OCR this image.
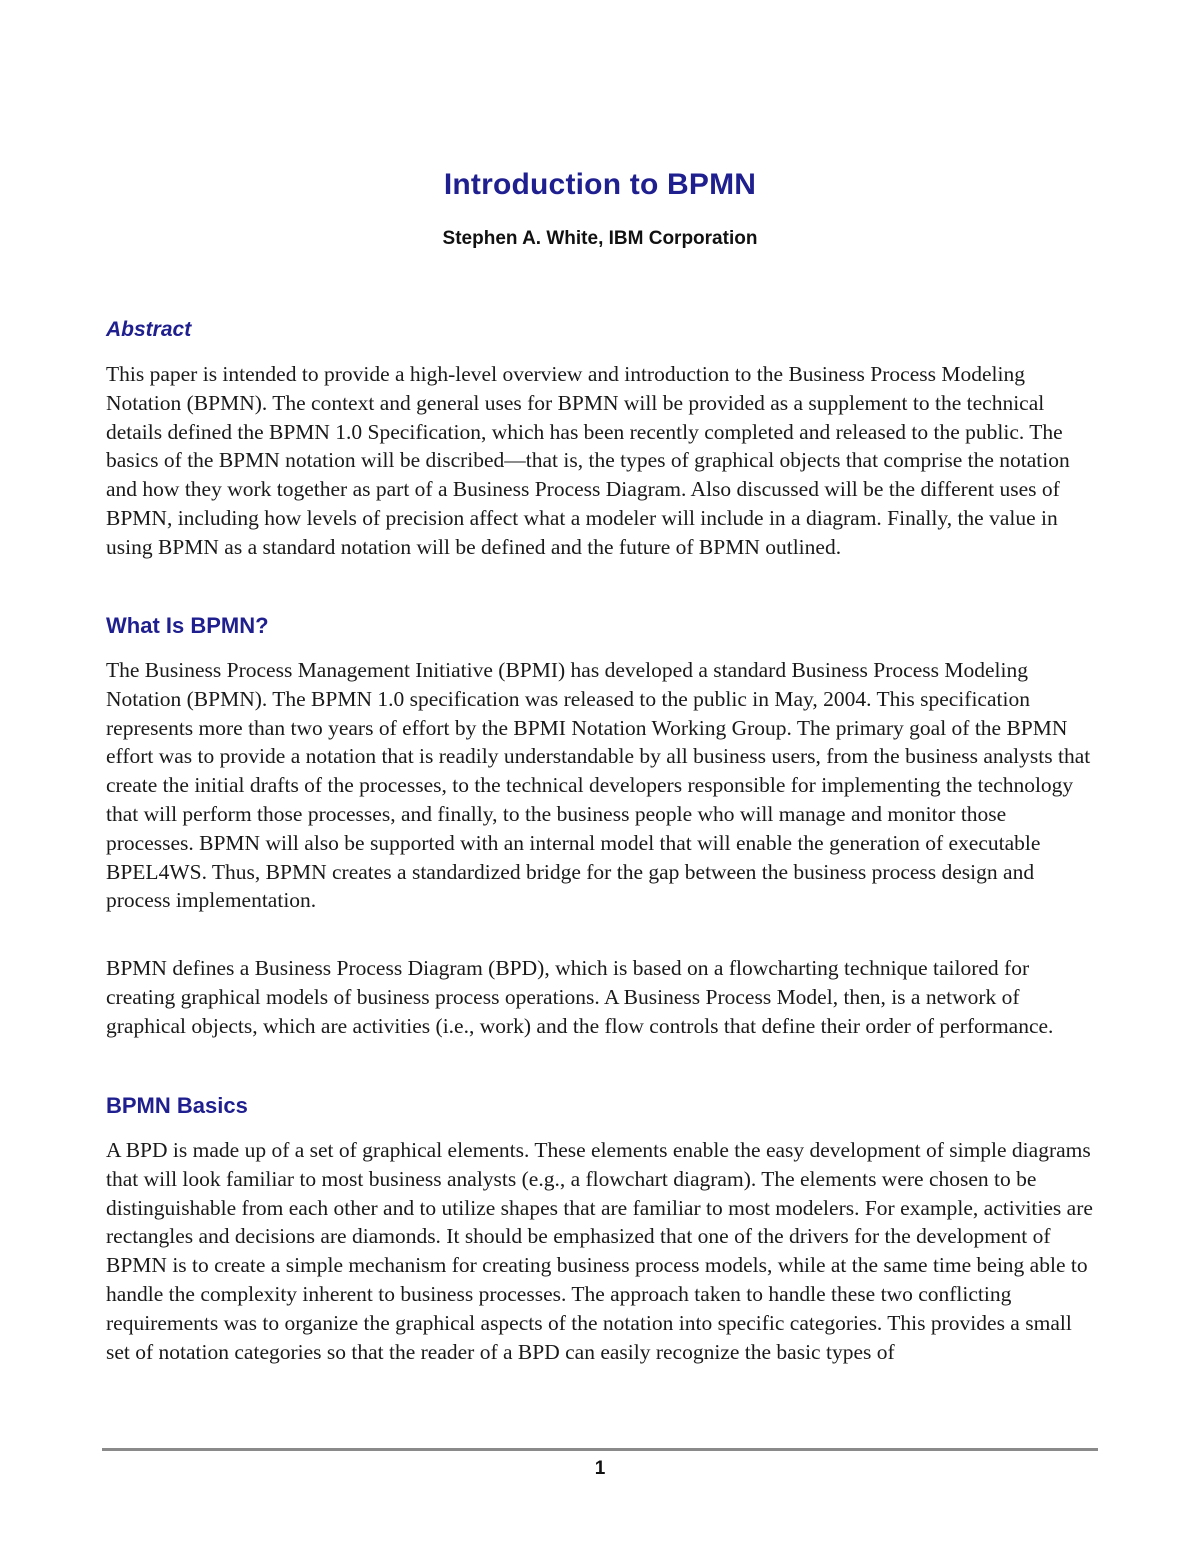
Introduction to BPMN
Stephen A. White, IBM Corporation
Abstract

This paper is intended to provide a high-level overview and introduction to the Business Process Modeling Notation (BPMN). The context and general uses for BPMN will be provided as a supplement to the technical details defined the BPMN 1.0 Specification, which has been recently completed and released to the public. The basics of the BPMN notation will be discribed—that is, the types of graphical objects that comprise the notation and how they work together as part of a Business Process Diagram. Also discussed will be the different uses of BPMN, including how levels of precision affect what a modeler will include in a diagram. Finally, the value in using BPMN as a standard notation will be defined and the future of BPMN outlined.

What Is BPMN?

The Business Process Management Initiative (BPMI) has developed a standard Business Process Modeling Notation (BPMN). The BPMN 1.0 specification was released to the public in May, 2004. This specification represents more than two years of effort by the BPMI Notation Working Group. The primary goal of the BPMN effort was to provide a notation that is readily understandable by all business users, from the business analysts that create the initial drafts of the processes, to the technical developers responsible for implementing the technology that will perform those processes, and finally, to the business people who will manage and monitor those processes. BPMN will also be supported with an internal model that will enable the generation of executable BPEL4WS. Thus, BPMN creates a standardized bridge for the gap between the business process design and process implementation.

BPMN defines a Business Process Diagram (BPD), which is based on a flowcharting technique tailored for creating graphical models of business process operations. A Business Process Model, then, is a network of graphical objects, which are activities (i.e., work) and the flow controls that define their order of performance.

BPMN Basics

A BPD is made up of a set of graphical elements. These elements enable the easy development of simple diagrams that will look familiar to most business analysts (e.g., a flowchart diagram). The elements were chosen to be distinguishable from each other and to utilize shapes that are familiar to most modelers. For example, activities are rectangles and decisions are diamonds. It should be emphasized that one of the drivers for the development of BPMN is to create a simple mechanism for creating business process models, while at the same time being able to handle the complexity inherent to business processes. The approach taken to handle these two conflicting requirements was to organize the graphical aspects of the notation into specific categories. This provides a small set of notation categories so that the reader of a BPD can easily recognize the basic types of

1
